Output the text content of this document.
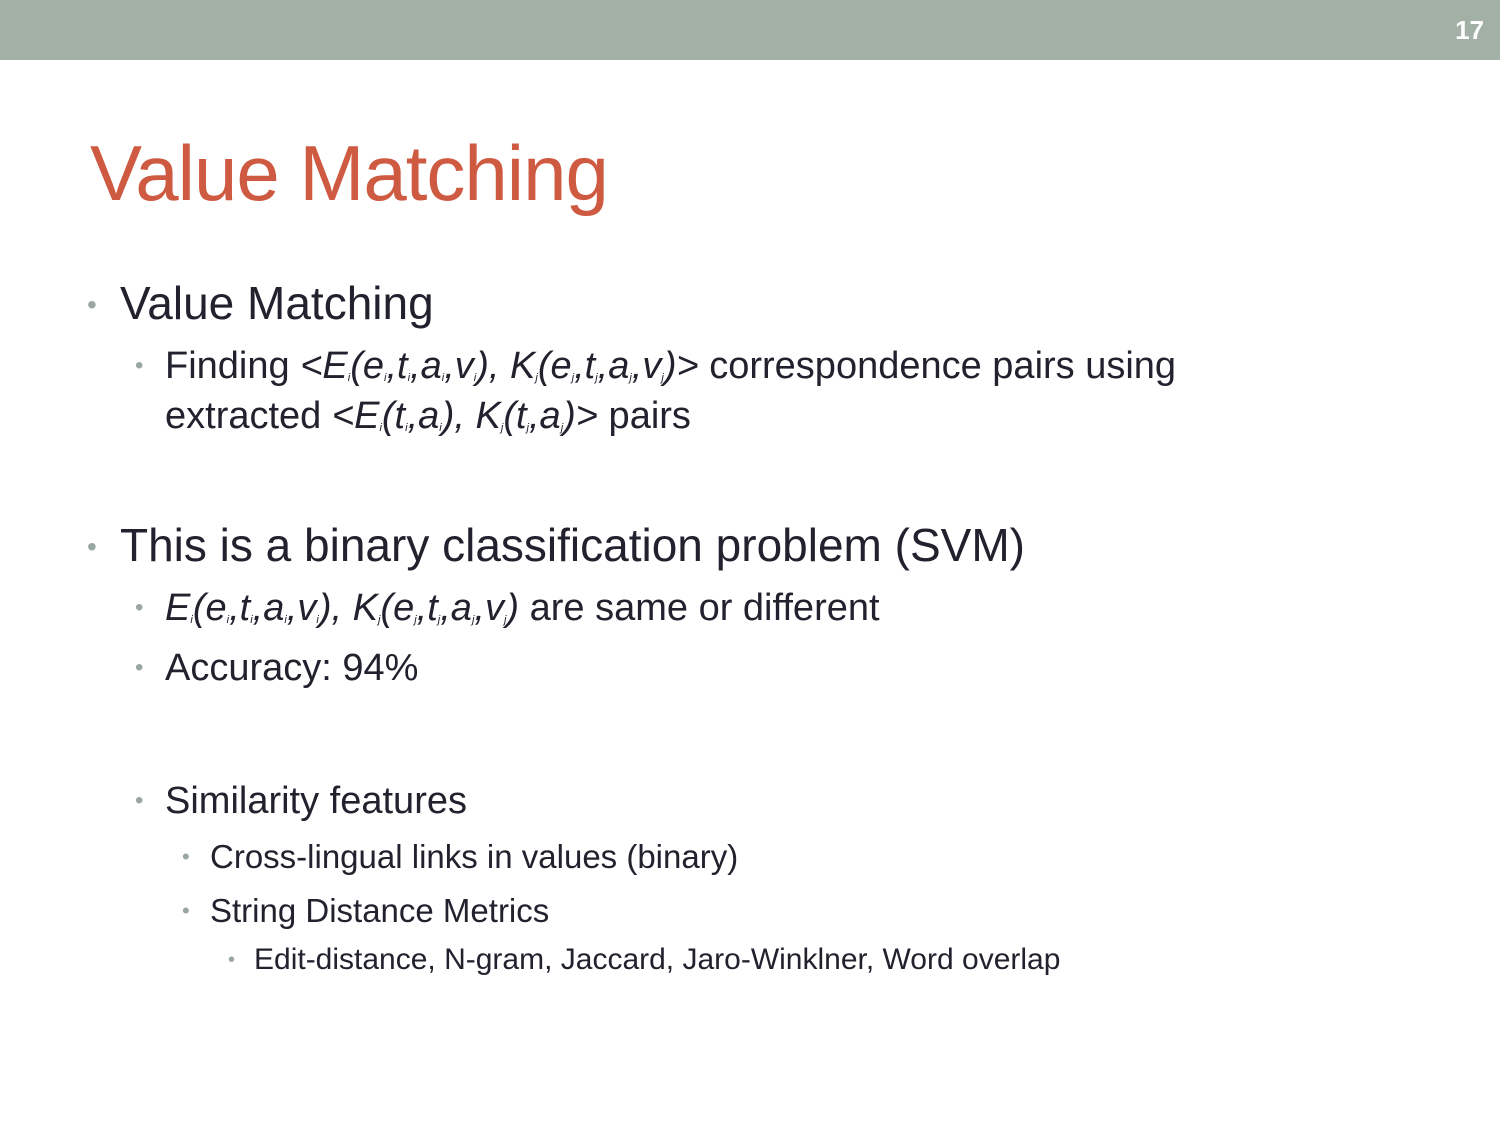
17
Value Matching
• Value Matching
• Finding $<E_i(e_i,t_i,a_i,v_i)$, $K_j(e_j,t_j,a_j,v_j)>$ correspondence pairs using
extracted $<E_i(t_i,a_i)$, $K_j(t_j,a_j)>$ pairs
• This is a binary classification problem (SVM)
• $E_i(e_i,t_i,a_i,v_i)$, $K_j(e_j,t_j,a_j,v_j)$ are same or different
• Accuracy: 94%
• Similarity features
• Cross-lingual links in values (binary)
• String Distance Metrics
• Edit-distance, N-gram, Jaccard, Jaro-Winklner, Word overlap
